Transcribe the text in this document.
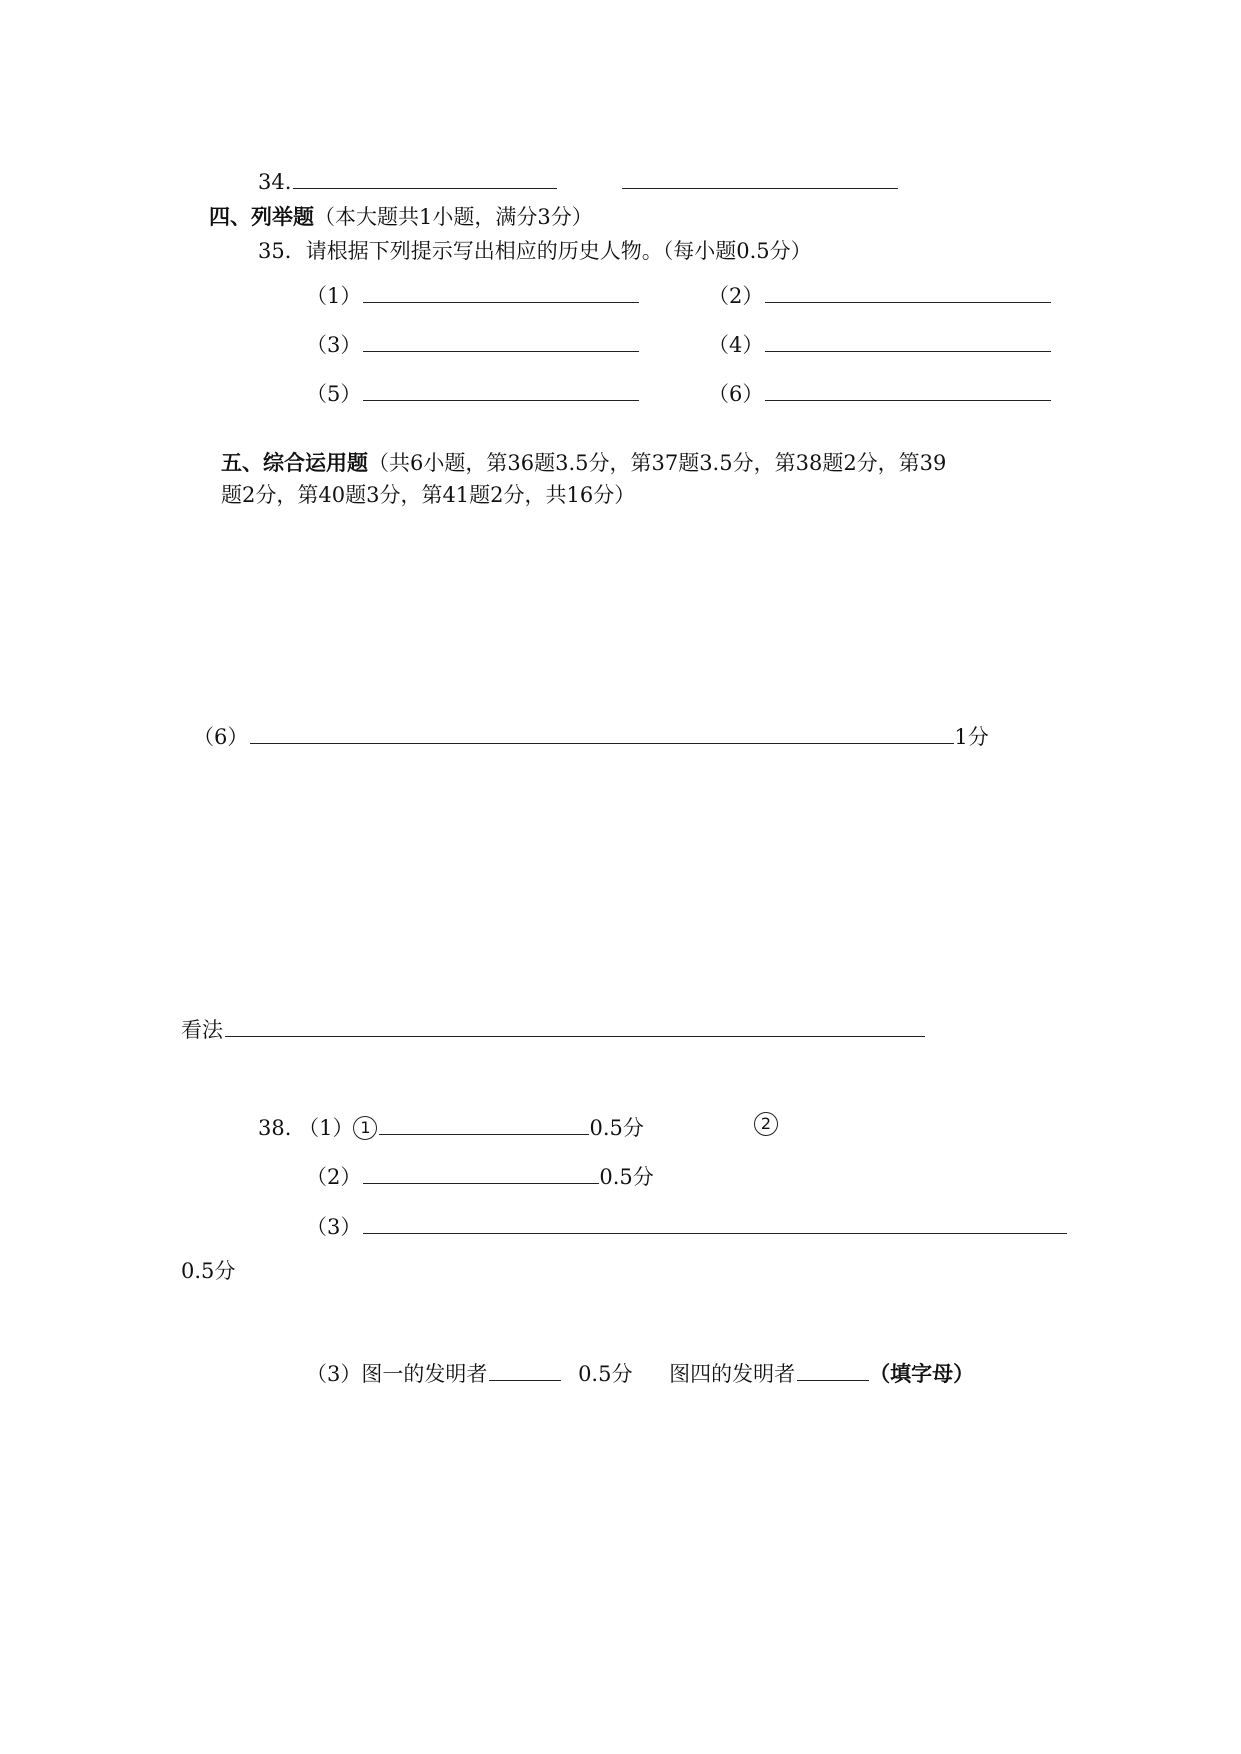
34.
四、列举题（本大题共1小题，满分3分）
35．请根据下列提示写出相应的历史人物。（每小题0.5分）
（1）	（2）
（3）	（4）
（5）	（6）
五、综合运用题（共6小题，第36题3.5分，第37题3.5分，第38题2分，第39
题2分，第40题3分，第41题2分，共16分）
（6）	1分
看法
38. （1） 1	0.5分	2
（2）	0.5分
（3）
0.5分
（3）图一的发明者	0.5分 图四的发明者	（填字母）
